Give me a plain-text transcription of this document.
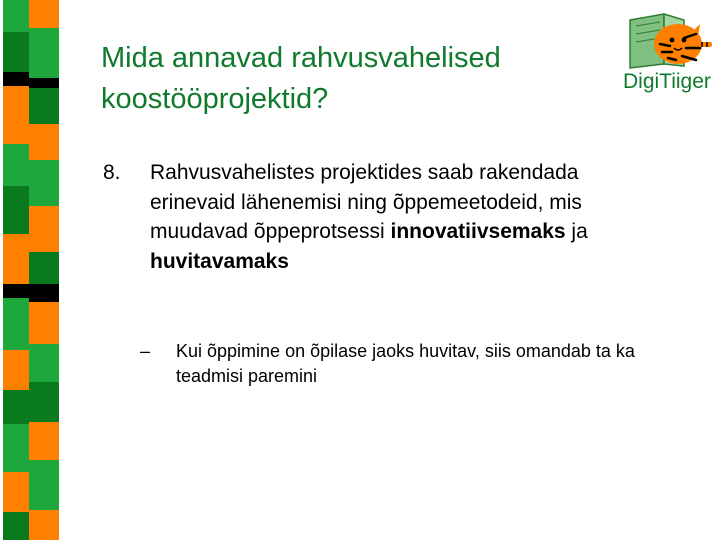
Mida annavad rahvusvahelised
koostööprojektid?
DigiTiiger
8. Rahvusvahelistes projektides saab rakendada erinevaid lähenemisi ning õppemeetodeid, mis muudavad õppeprotsessi innovatiivsemaks ja huvitavamaks
– Kui õppimine on õpilase jaoks huvitav, siis omandab ta ka teadmisi paremini
